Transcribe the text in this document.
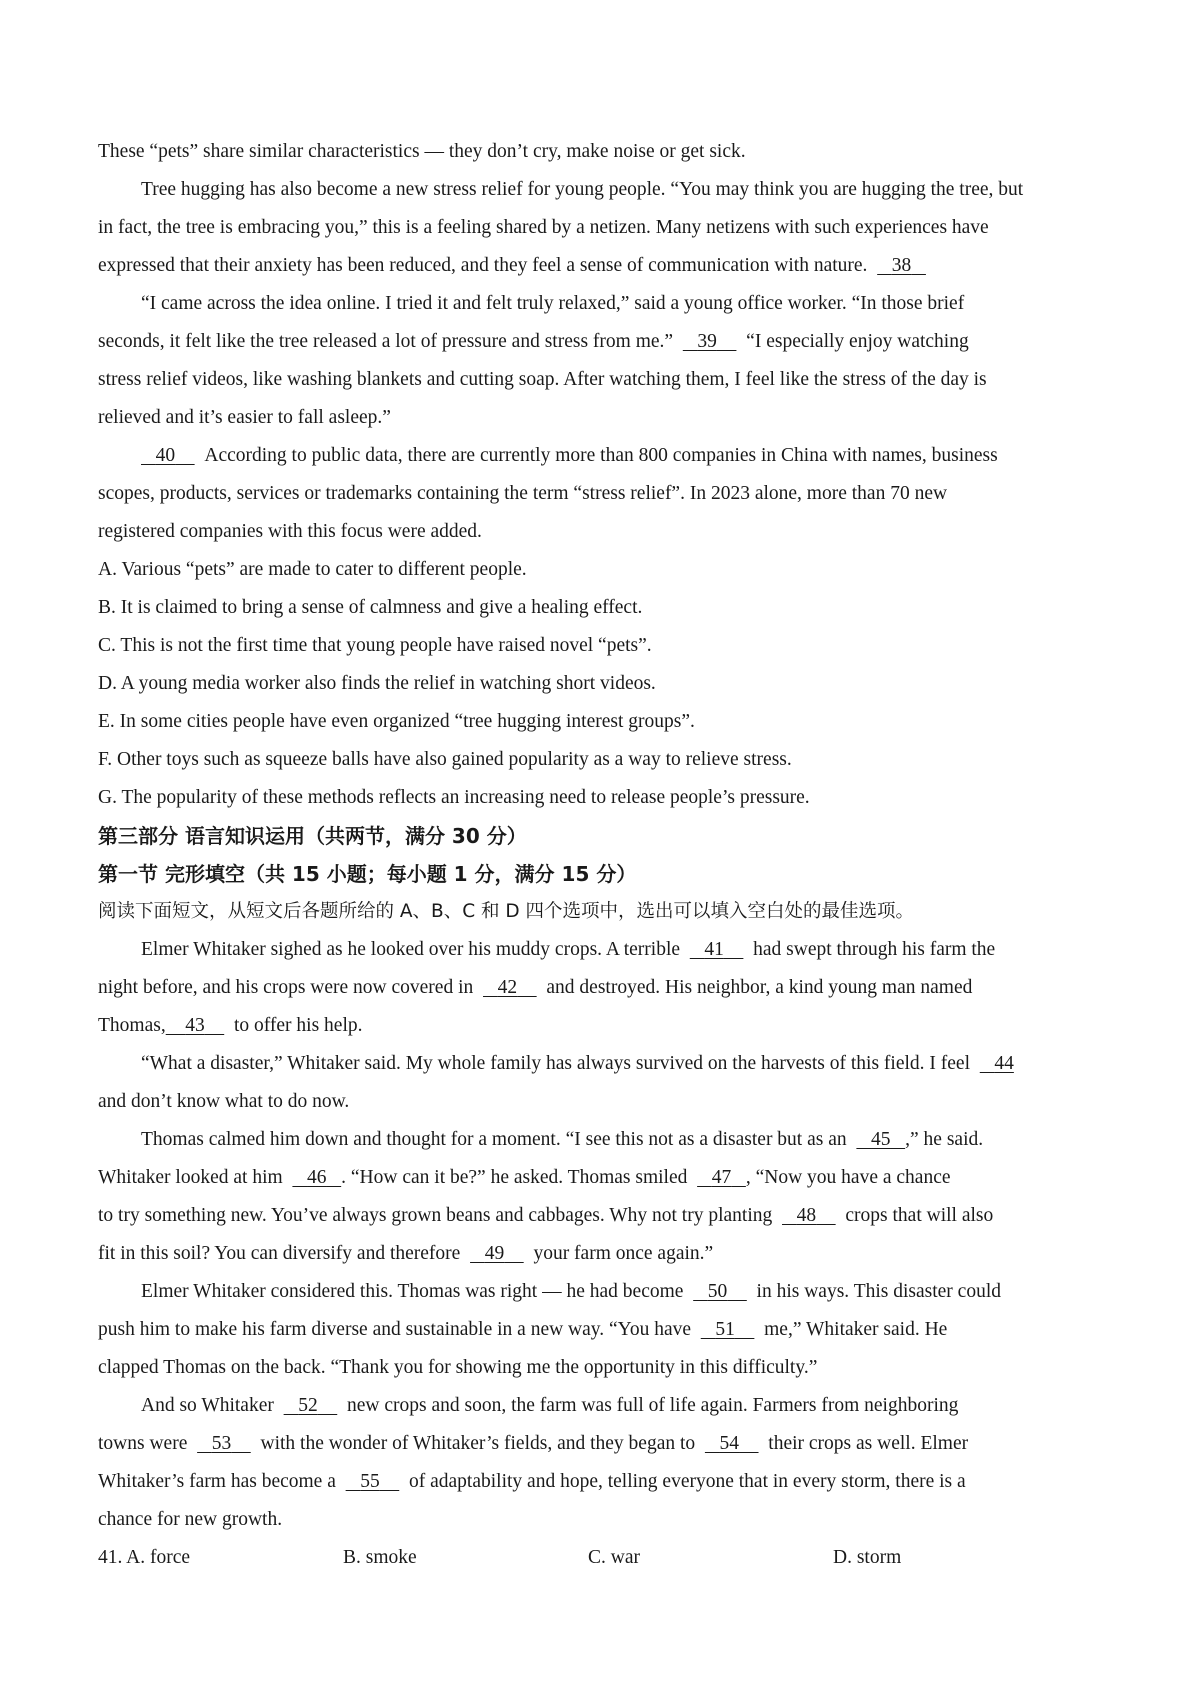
These “pets” share similar characteristics — they don’t cry, make noise or get sick.
Tree hugging has also become a new stress relief for young people. “You may think you are hugging the tree, but
in fact, the tree is embracing you,” this is a feeling shared by a netizen. Many netizens with such experiences have
expressed that their anxiety has been reduced, and they feel a sense of communication with nature. 38
“I came across the idea online. I tried it and felt truly relaxed,” said a young office worker. “In those brief
seconds, it felt like the tree released a lot of pressure and stress from me.” 39 “I especially enjoy watching
stress relief videos, like washing blankets and cutting soap. After watching them, I feel like the stress of the day is
relieved and it’s easier to fall asleep.”
40 According to public data, there are currently more than 800 companies in China with names, business
scopes, products, services or trademarks containing the term “stress relief”. In 2023 alone, more than 70 new
registered companies with this focus were added.
A. Various “pets” are made to cater to different people.
B. It is claimed to bring a sense of calmness and give a healing effect.
C. This is not the first time that young people have raised novel “pets”.
D. A young media worker also finds the relief in watching short videos.
E. In some cities people have even organized “tree hugging interest groups”.
F. Other toys such as squeeze balls have also gained popularity as a way to relieve stress.
G. The popularity of these methods reflects an increasing need to release people’s pressure.
第三部分 语言知识运用（共两节，满分 30 分）
第一节 完形填空（共 15 小题；每小题 1 分，满分 15 分）
阅读下面短文，从短文后各题所给的 A、B、C 和 D 四个选项中，选出可以填入空白处的最佳选项。
Elmer Whitaker sighed as he looked over his muddy crops. A terrible 41 had swept through his farm the
night before, and his crops were now covered in 42 and destroyed. His neighbor, a kind young man named
Thomas, 43 to offer his help.
“What a disaster,” Whitaker said. My whole family has always survived on the harvests of this field. I feel 44
and don’t know what to do now.
Thomas calmed him down and thought for a moment. “I see this not as a disaster but as an 45 ,” he said.
Whitaker looked at him 46 . “How can it be?” he asked. Thomas smiled 47 , “Now you have a chance
to try something new. You’ve always grown beans and cabbages. Why not try planting 48 crops that will also
fit in this soil? You can diversify and therefore 49 your farm once again.”
Elmer Whitaker considered this. Thomas was right — he had become 50 in his ways. This disaster could
push him to make his farm diverse and sustainable in a new way. “You have 51 me,” Whitaker said. He
clapped Thomas on the back. “Thank you for showing me the opportunity in this difficulty.”
And so Whitaker 52 new crops and soon, the farm was full of life again. Farmers from neighboring
towns were 53 with the wonder of Whitaker’s fields, and they began to 54 their crops as well. Elmer
Whitaker’s farm has become a 55 of adaptability and hope, telling everyone that in every storm, there is a
chance for new growth.
41. A. force	B. smoke	C. war	D. storm
